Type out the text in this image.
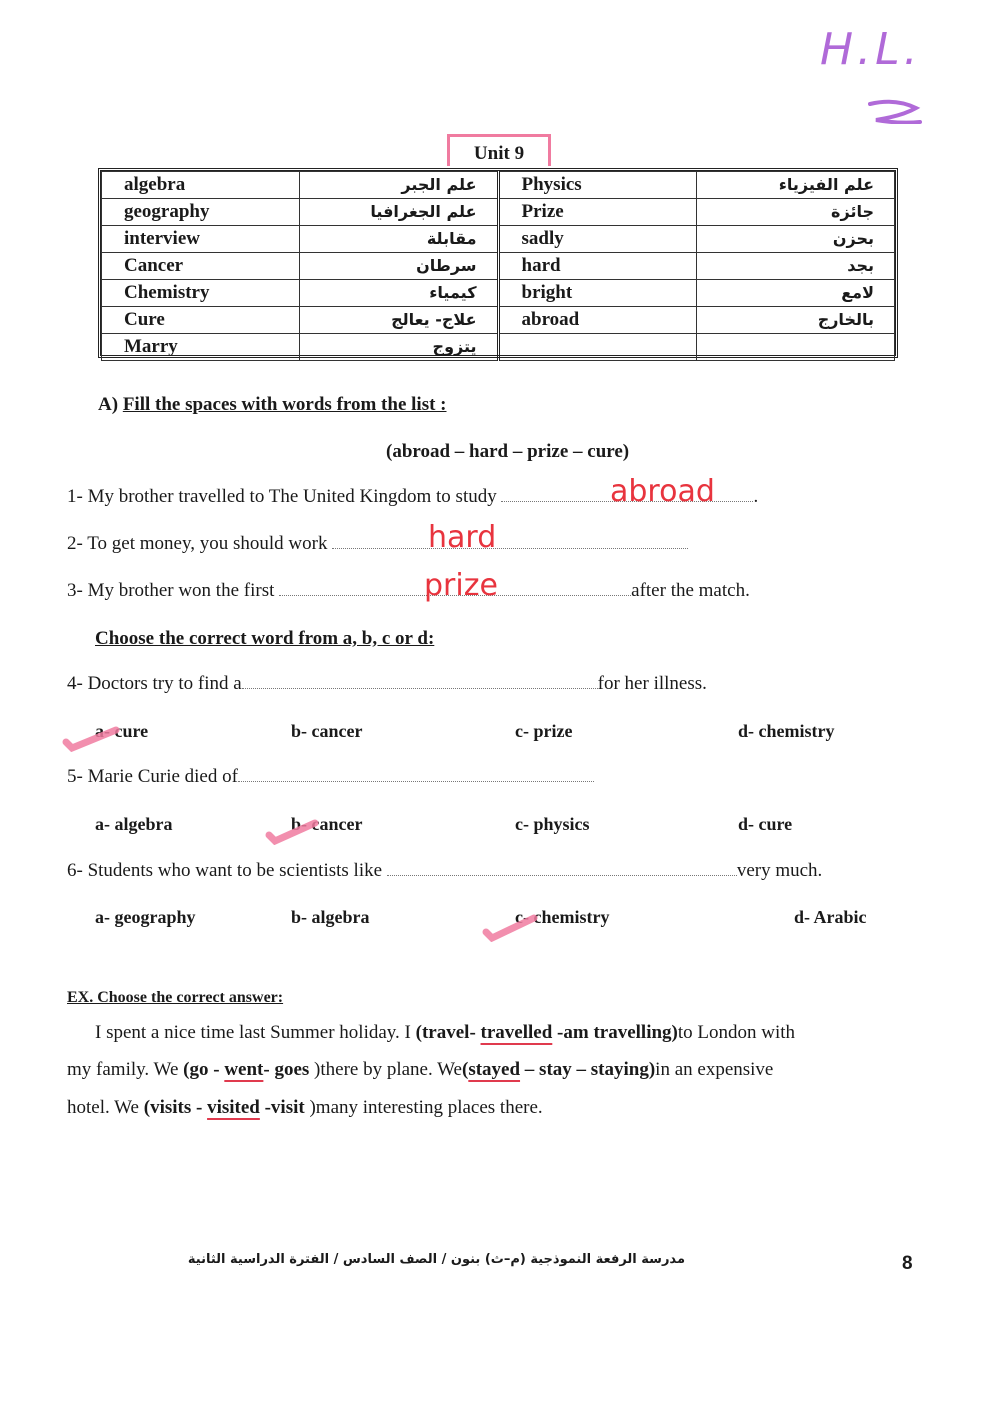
H.L.
Unit 9
algebra	علم الجبر	Physics	علم الفيزياء
geography	علم الجغرافيا	Prize	جائزة
interview	مقابلة	sadly	بحزن
Cancer	سرطان	hard	بجد
Chemistry	كيمياء	bright	لامع
Cure	علاج- يعالج	abroad	بالخارج
Marry	يتزوج		
A) Fill the spaces with words from the list :
(abroad – hard – prize – cure)
1- My brother travelled to The United Kingdom to study	.
abroad
2- To get money, you should work	hard
3- My brother won the first	after the match.
prize
Choose the correct word from a, b, c or d:
4- Doctors try to find a	for her illness.
a- cure	b- cancer	c- prize	d- chemistry
5- Marie Curie died of
a- algebra	b- cancer	c- physics	d- cure
6- Students who want to be scientists like	very much.
a- geography	b- algebra	c- chemistry	d- Arabic
EX. Choose the correct answer:
I spent a nice time last Summer holiday. I (travel- travelled -am travelling)to London with
my family. We (go - went- goes )there by plane. We(stayed – stay – staying)in an expensive
hotel. We (visits - visited -visit )many interesting places there.
مدرسة الرفعة النموذجية (م–ث) بنون / الصف السادس / الفترة الدراسية الثانية	8
